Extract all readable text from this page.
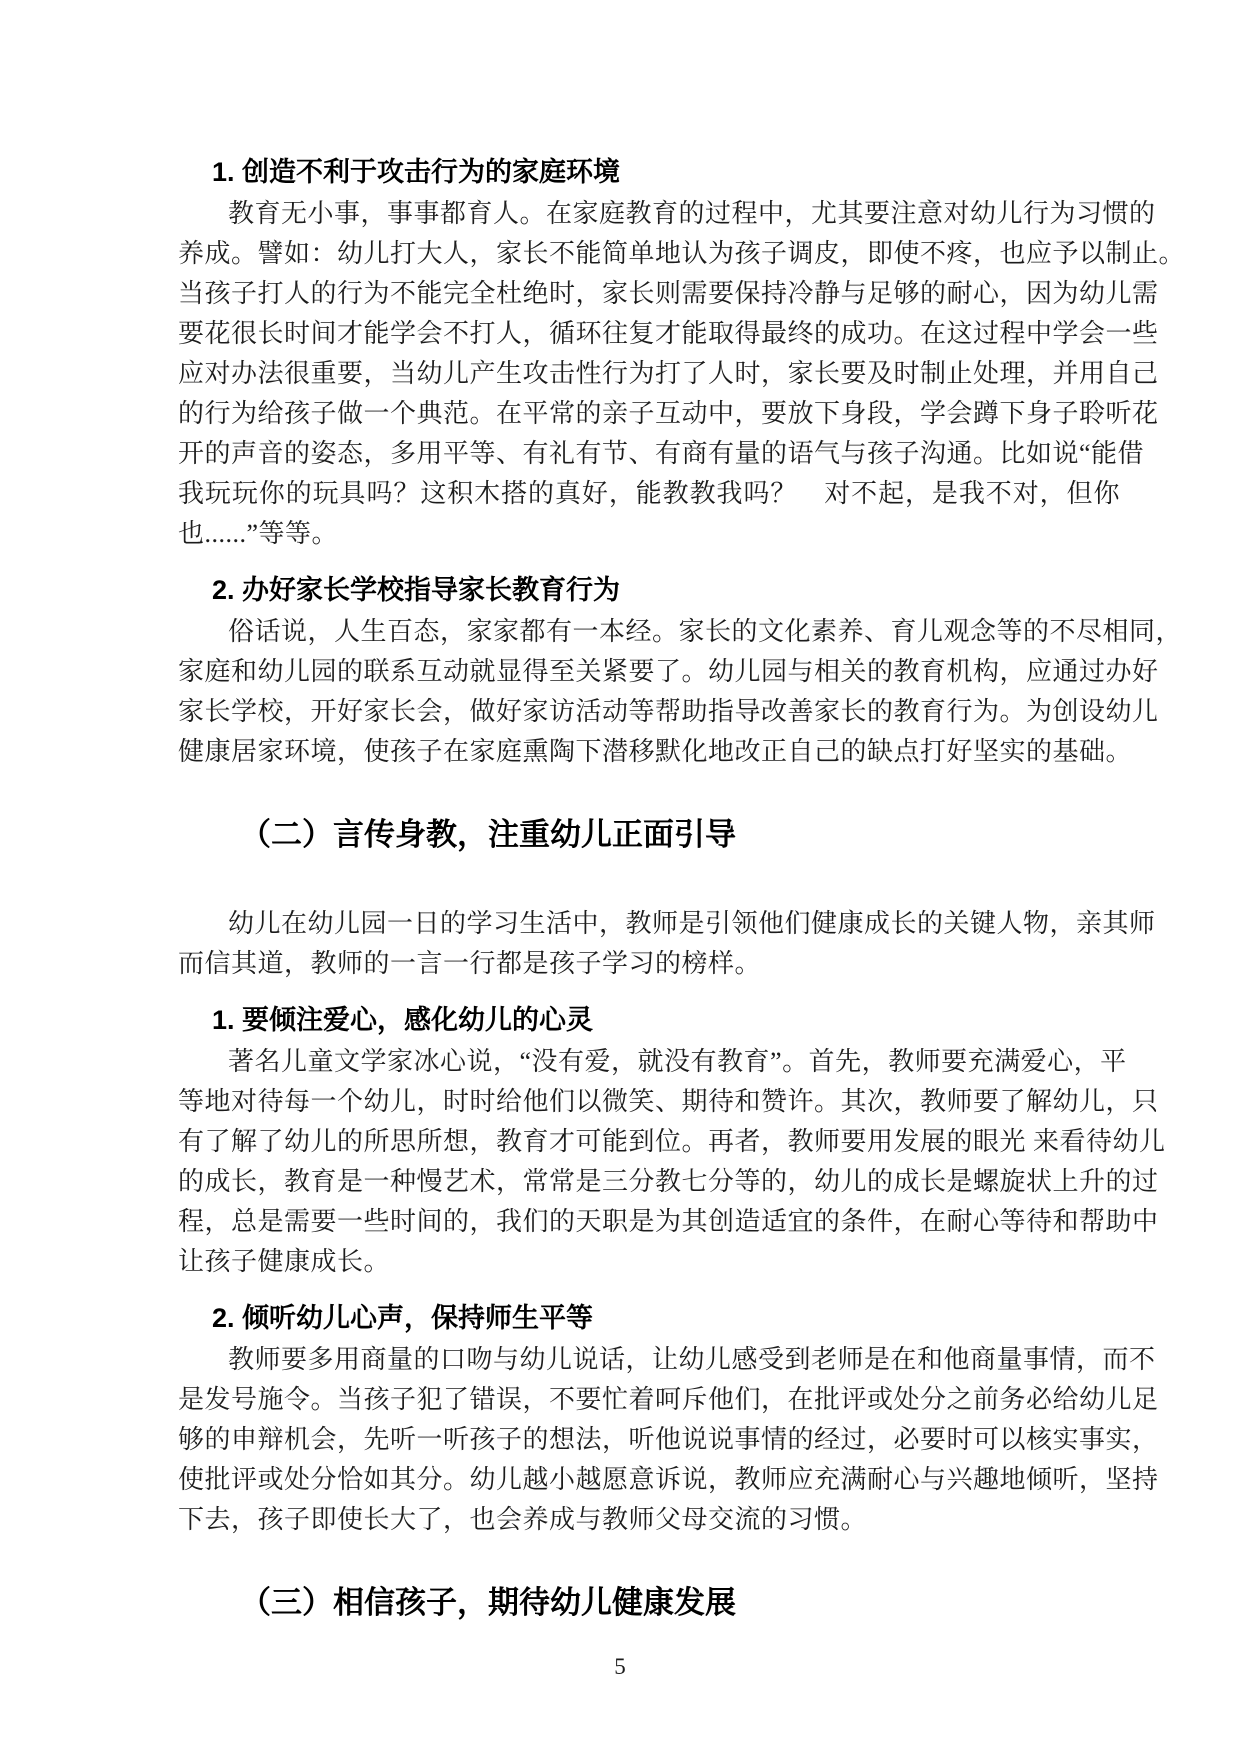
1. 创造不利于攻击行为的家庭环境
教育无小事，事事都育人。在家庭教育的过程中，尤其要注意对幼儿行为习惯的
养成。譬如：幼儿打大人，家长不能简单地认为孩子调皮，即使不疼，也应予以制止。
当孩子打人的行为不能完全杜绝时，家长则需要保持冷静与足够的耐心，因为幼儿需
要花很长时间才能学会不打人，循环往复才能取得最终的成功。在这过程中学会一些
应对办法很重要，当幼儿产生攻击性行为打了人时，家长要及时制止处理，并用自己
的行为给孩子做一个典范。在平常的亲子互动中，要放下身段，学会蹲下身子聆听花
开的声音的姿态，多用平等、有礼有节、有商有量的语气与孩子沟通。比如说“能借
我玩玩你的玩具吗？这积木搭的真好，能教教我吗？　对不起，是我不对，但你
也......”等等。
2. 办好家长学校指导家长教育行为
俗话说，人生百态，家家都有一本经。家长的文化素养、育儿观念等的不尽相同，
家庭和幼儿园的联系互动就显得至关紧要了。幼儿园与相关的教育机构，应通过办好
家长学校，开好家长会，做好家访活动等帮助指导改善家长的教育行为。为创设幼儿
健康居家环境，使孩子在家庭熏陶下潜移默化地改正自己的缺点打好坚实的基础。
（二）言传身教，注重幼儿正面引导
幼儿在幼儿园一日的学习生活中，教师是引领他们健康成长的关键人物，亲其师
而信其道，教师的一言一行都是孩子学习的榜样。
1. 要倾注爱心，感化幼儿的心灵
著名儿童文学家冰心说，“没有爱，就没有教育”。首先，教师要充满爱心，平
等地对待每一个幼儿，时时给他们以微笑、期待和赞许。其次，教师要了解幼儿，只
有了解了幼儿的所思所想，教育才可能到位。再者，教师要用发展的眼光 来看待幼儿
的成长，教育是一种慢艺术，常常是三分教七分等的，幼儿的成长是螺旋状上升的过
程，总是需要一些时间的，我们的天职是为其创造适宜的条件，在耐心等待和帮助中
让孩子健康成长。
2. 倾听幼儿心声，保持师生平等
教师要多用商量的口吻与幼儿说话，让幼儿感受到老师是在和他商量事情，而不
是发号施令。当孩子犯了错误，不要忙着呵斥他们，在批评或处分之前务必给幼儿足
够的申辩机会，先听一听孩子的想法，听他说说事情的经过，必要时可以核实事实，
使批评或处分恰如其分。幼儿越小越愿意诉说，教师应充满耐心与兴趣地倾听，坚持
下去，孩子即使长大了，也会养成与教师父母交流的习惯。
（三）相信孩子，期待幼儿健康发展
5
